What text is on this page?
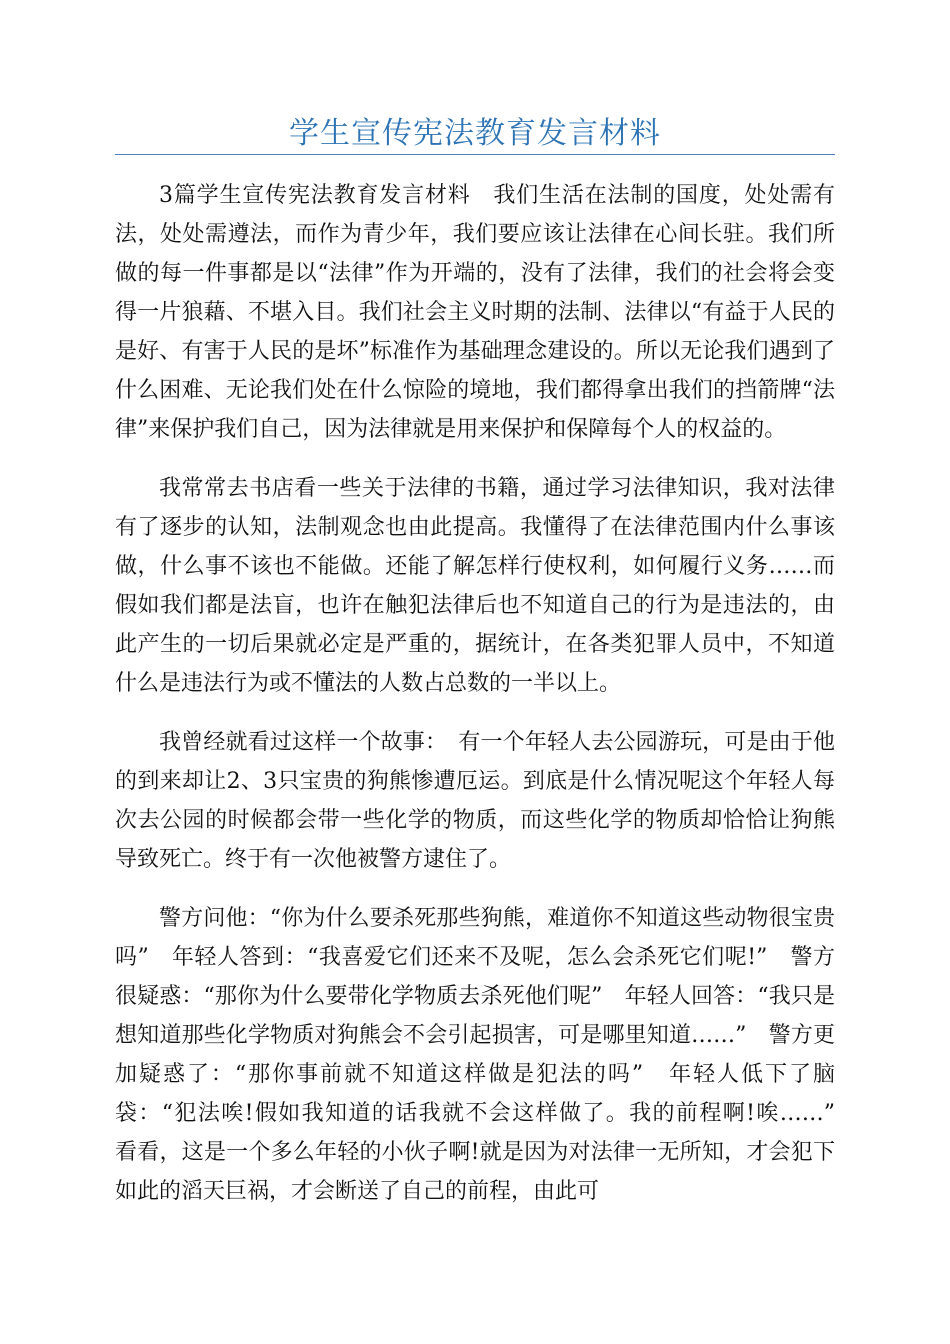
学生宣传宪法教育发言材料

3篇学生宣传宪法教育发言材料　我们生活在法制的国度，处处需有法，处处需遵法，而作为青少年，我们要应该让法律在心间长驻。我们所做的每一件事都是以“法律”作为开端的，没有了法律，我们的社会将会变得一片狼藉、不堪入目。我们社会主义时期的法制、法律以“有益于人民的是好、有害于人民的是坏”标准作为基础理念建设的。所以无论我们遇到了什么困难、无论我们处在什么惊险的境地，我们都得拿出我们的挡箭牌“法律”来保护我们自己，因为法律就是用来保护和保障每个人的权益的。

我常常去书店看一些关于法律的书籍，通过学习法律知识，我对法律有了逐步的认知，法制观念也由此提高。我懂得了在法律范围内什么事该做，什么事不该也不能做。还能了解怎样行使权利，如何履行义务……而假如我们都是法盲，也许在触犯法律后也不知道自己的行为是违法的，由此产生的一切后果就必定是严重的，据统计，在各类犯罪人员中，不知道什么是违法行为或不懂法的人数占总数的一半以上。

我曾经就看过这样一个故事：　有一个年轻人去公园游玩，可是由于他的到来却让2、3只宝贵的狗熊惨遭厄运。到底是什么情况呢这个年轻人每次去公园的时候都会带一些化学的物质，而这些化学的物质却恰恰让狗熊导致死亡。终于有一次他被警方逮住了。

警方问他：“你为什么要杀死那些狗熊，难道你不知道这些动物很宝贵吗”　年轻人答到：“我喜爱它们还来不及呢，怎么会杀死它们呢!”　警方很疑惑：“那你为什么要带化学物质去杀死他们呢”　年轻人回答：“我只是想知道那些化学物质对狗熊会不会引起损害，可是哪里知道……”　警方更加疑惑了：“那你事前就不知道这样做是犯法的吗”　年轻人低下了脑袋：“犯法唉!假如我知道的话我就不会这样做了。我的前程啊!唉……”　看看，这是一个多么年轻的小伙子啊!就是因为对法律一无所知，才会犯下如此的滔天巨祸，才会断送了自己的前程，由此可
